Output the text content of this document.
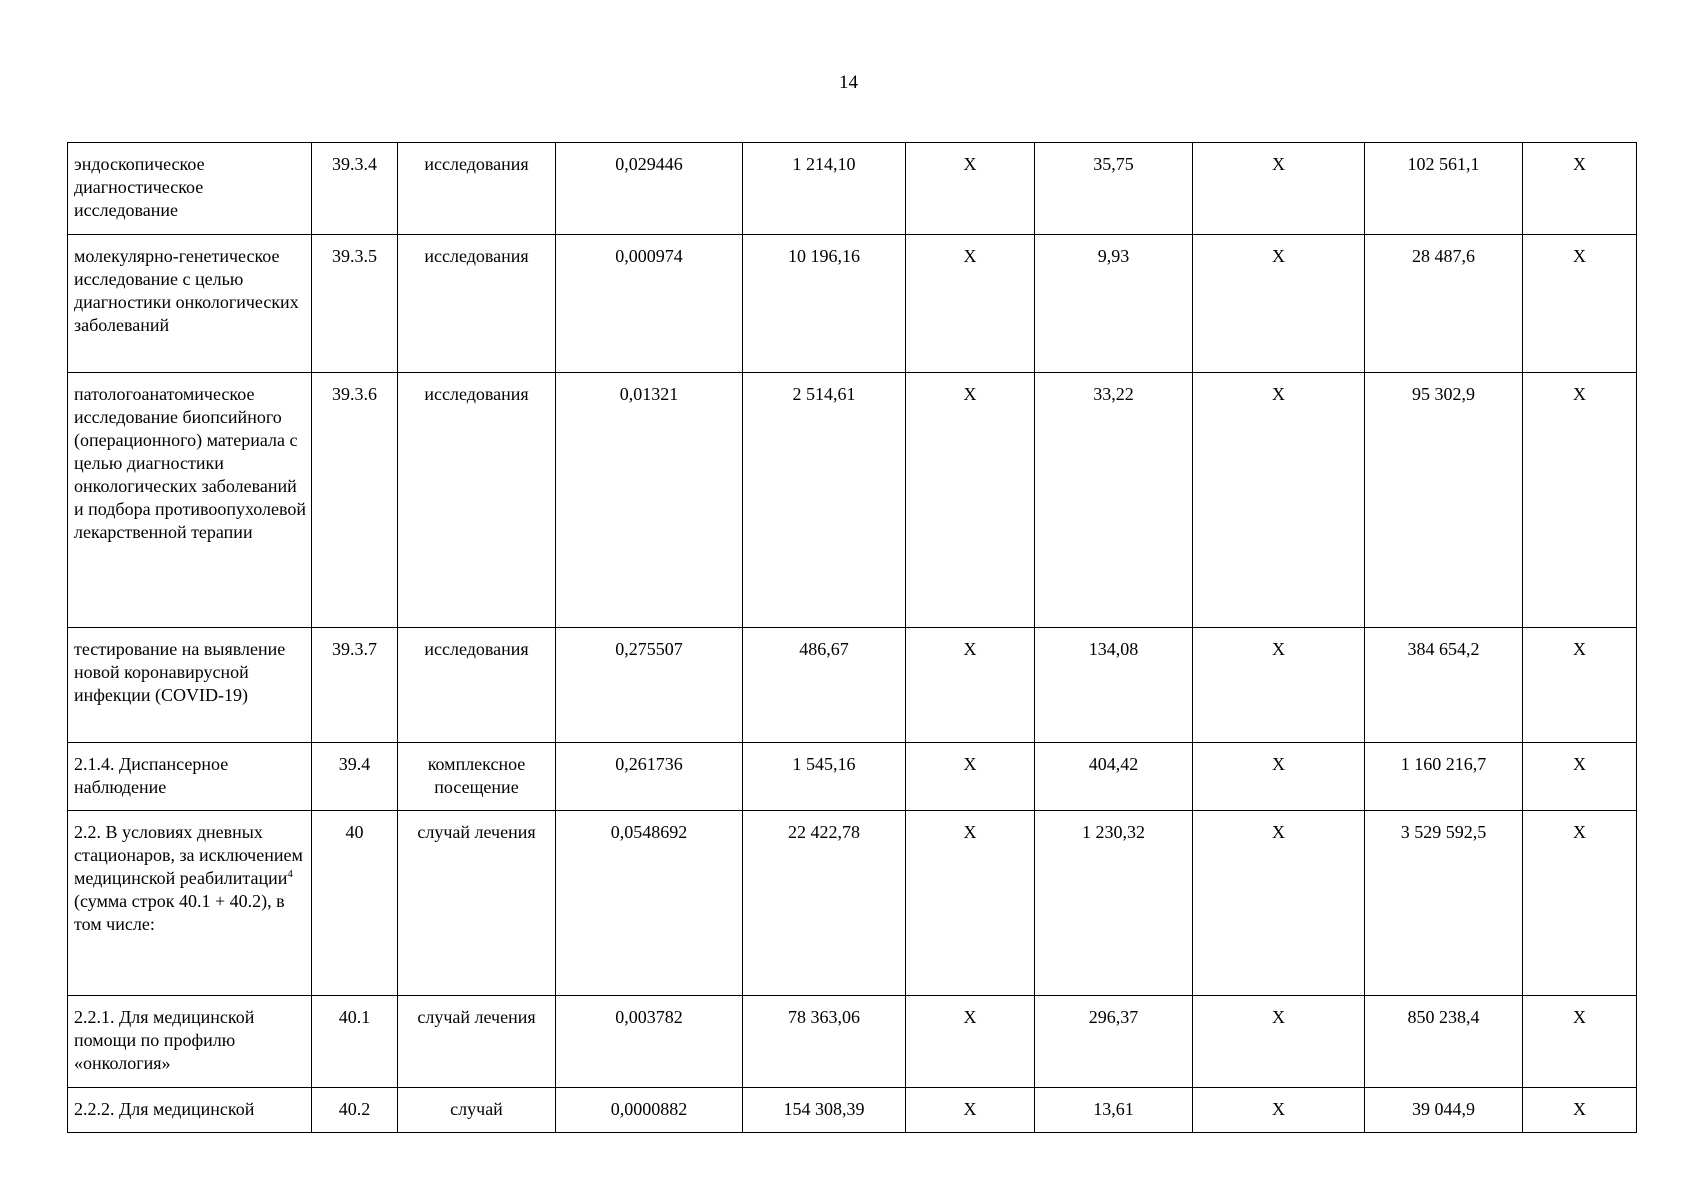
14
эндоскопическое диагностическое исследование	39.3.4	исследования	0,029446	1 214,10	Х	35,75	Х	102 561,1	Х
молекулярно-генетическое исследование с целью диагностики онкологических заболеваний	39.3.5	исследования	0,000974	10 196,16	Х	9,93	Х	28 487,6	Х
патологоанатомическое исследование биопсийного (операционного) материала с целью диагностики онкологических заболеваний и подбора противоопухолевой лекарственной терапии	39.3.6	исследования	0,01321	2 514,61	Х	33,22	Х	95 302,9	Х
тестирование на выявление новой коронавирусной инфекции (COVID-19)	39.3.7	исследования	0,275507	486,67	Х	134,08	Х	384 654,2	Х
2.1.4. Диспансерное наблюдение	39.4	комплексное посещение	0,261736	1 545,16	Х	404,42	Х	1 160 216,7	Х
2.2. В условиях дневных стационаров, за исключением медицинской реабилитации$^4$ (сумма строк 40.1 + 40.2), в том числе:	40	случай лечения	0,0548692	22 422,78	Х	1 230,32	Х	3 529 592,5	Х
2.2.1. Для медицинской помощи по профилю «онкология»	40.1	случай лечения	0,003782	78 363,06	Х	296,37	Х	850 238,4	Х
2.2.2. Для медицинской	40.2	случай	0,0000882	154 308,39	Х	13,61	Х	39 044,9	Х
